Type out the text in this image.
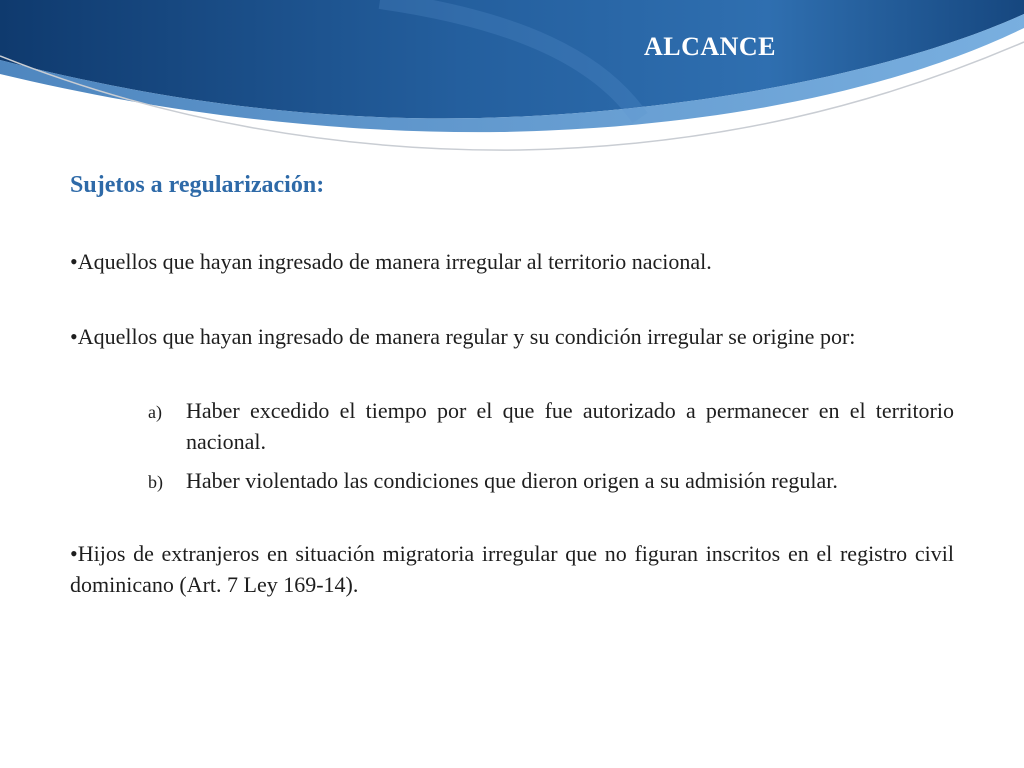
ALCANCE

Sujetos a regularización:

•Aquellos que hayan ingresado de manera irregular al territorio nacional.

•Aquellos que hayan ingresado de manera regular y su condición irregular se origine por:

a) Haber excedido el tiempo por el que fue autorizado a permanecer en el territorio nacional.
b) Haber violentado las condiciones que dieron origen a su admisión regular.

•Hijos de extranjeros en situación migratoria irregular que no figuran inscritos en el registro civil dominicano (Art. 7 Ley 169-14).
